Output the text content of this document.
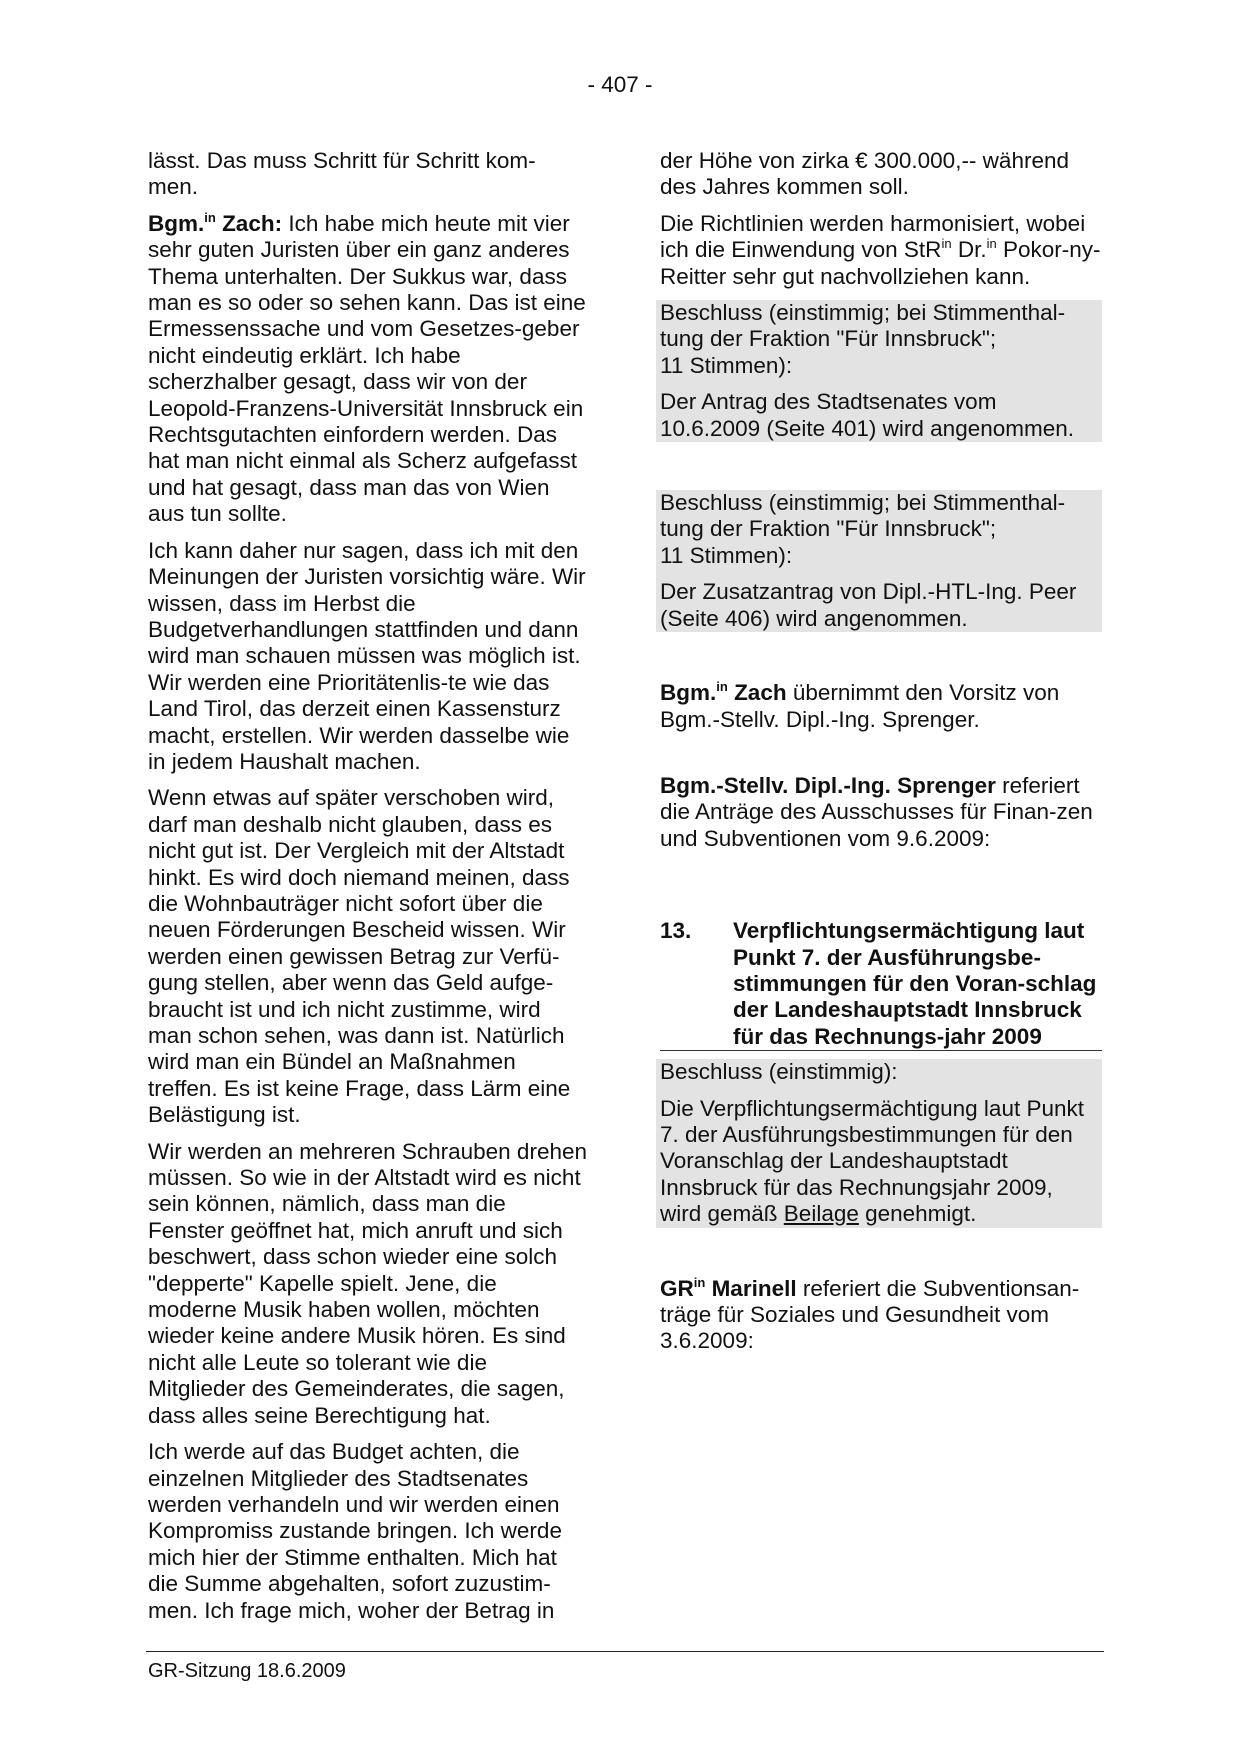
- 407 -

lässt. Das muss Schritt für Schritt kom-
men.

Bgm.$^{in}$ Zach: Ich habe mich heute mit vier sehr guten Juristen über ein ganz anderes Thema unterhalten. Der Sukkus war, dass man es so oder so sehen kann. Das ist eine Ermessenssache und vom Gesetzes-geber nicht eindeutig erklärt. Ich habe scherzhalber gesagt, dass wir von der Leopold-Franzens-Universität Innsbruck ein Rechtsgutachten einfordern werden. Das hat man nicht einmal als Scherz aufgefasst und hat gesagt, dass man das von Wien aus tun sollte.

Ich kann daher nur sagen, dass ich mit den Meinungen der Juristen vorsichtig wäre. Wir wissen, dass im Herbst die Budgetverhandlungen stattfinden und dann wird man schauen müssen was möglich ist. Wir werden eine Prioritätenlis-te wie das Land Tirol, das derzeit einen Kassensturz macht, erstellen. Wir werden dasselbe wie in jedem Haushalt machen.

Wenn etwas auf später verschoben wird, darf man deshalb nicht glauben, dass es nicht gut ist. Der Vergleich mit der Altstadt hinkt. Es wird doch niemand meinen, dass die Wohnbauträger nicht sofort über die neuen Förderungen Bescheid wissen. Wir werden einen gewissen Betrag zur Verfü-gung stellen, aber wenn das Geld aufge-braucht ist und ich nicht zustimme, wird man schon sehen, was dann ist. Natürlich wird man ein Bündel an Maßnahmen treffen. Es ist keine Frage, dass Lärm eine Belästigung ist.

Wir werden an mehreren Schrauben drehen müssen. So wie in der Altstadt wird es nicht sein können, nämlich, dass man die Fenster geöffnet hat, mich anruft und sich beschwert, dass schon wieder eine solch "depperte" Kapelle spielt. Jene, die moderne Musik haben wollen, möchten wieder keine andere Musik hören. Es sind nicht alle Leute so tolerant wie die Mitglieder des Gemeinderates, die sagen, dass alles seine Berechtigung hat.

Ich werde auf das Budget achten, die einzelnen Mitglieder des Stadtsenates werden verhandeln und wir werden einen Kompromiss zustande bringen. Ich werde mich hier der Stimme enthalten. Mich hat die Summe abgehalten, sofort zuzustim-men. Ich frage mich, woher der Betrag in

der Höhe von zirka € 300.000,-- während des Jahres kommen soll.

Die Richtlinien werden harmonisiert, wobei ich die Einwendung von StR$^{in}$ Dr.$^{in}$ Pokor-ny-Reitter sehr gut nachvollziehen kann.

Beschluss (einstimmig; bei Stimmenthal-
tung der Fraktion "Für Innsbruck";
11 Stimmen):

Der Antrag des Stadtsenates vom 10.6.2009 (Seite 401) wird angenommen.

Beschluss (einstimmig; bei Stimmenthal-
tung der Fraktion "Für Innsbruck";
11 Stimmen):

Der Zusatzantrag von Dipl.-HTL-Ing. Peer (Seite 406) wird angenommen.

Bgm.$^{in}$ Zach übernimmt den Vorsitz von Bgm.-Stellv. Dipl.-Ing. Sprenger.

Bgm.-Stellv. Dipl.-Ing. Sprenger referiert die Anträge des Ausschusses für Finan-zen und Subventionen vom 9.6.2009:

13.	Verpflichtungsermächtigung laut Punkt 7. der Ausführungsbe-stimmungen für den Voran-schlag der Landeshauptstadt Innsbruck für das Rechnungs-jahr 2009

Beschluss (einstimmig):

Die Verpflichtungsermächtigung laut Punkt 7. der Ausführungsbestimmungen für den Voranschlag der Landeshauptstadt Innsbruck für das Rechnungsjahr 2009, wird gemäß Beilage genehmigt.

$GR^{in}$ Marinell referiert die Subventionsan-träge für Soziales und Gesundheit vom 3.6.2009:

GR-Sitzung 18.6.2009
